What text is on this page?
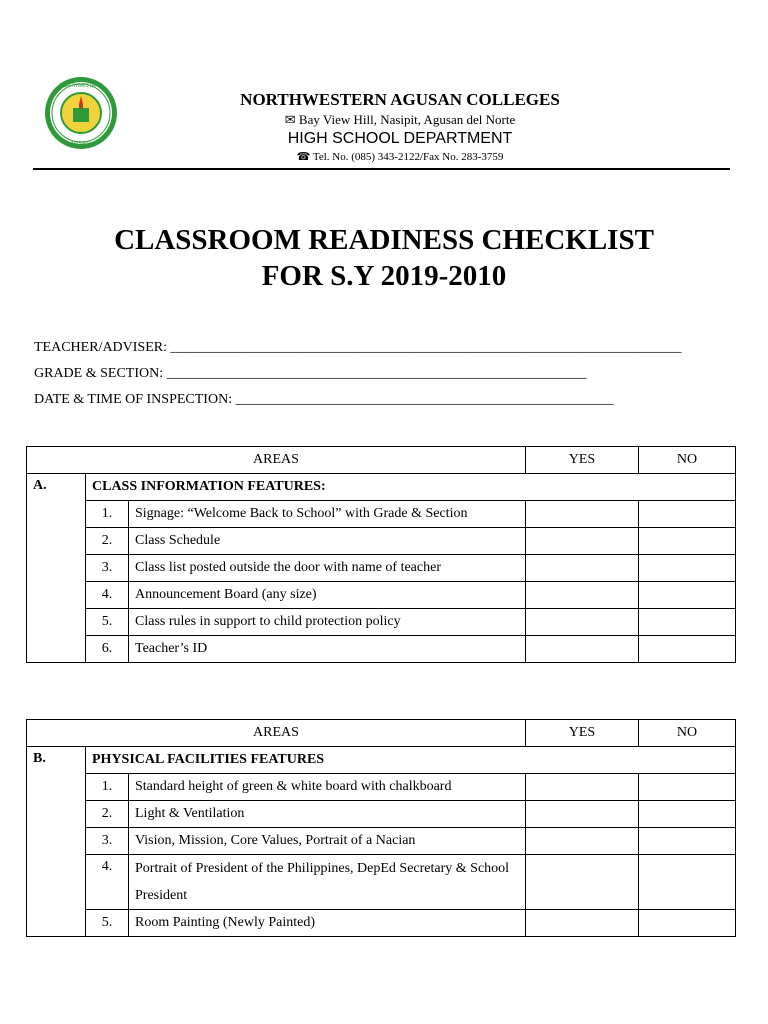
NORTHWESTERN
NASIPIT
NORTHWESTERN AGUSAN COLLEGES
✉ Bay View Hill, Nasipit, Agusan del Norte
HIGH SCHOOL DEPARTMENT
☎ Tel. No. (085) 343-2122/Fax No. 283-3759
CLASSROOM READINESS CHECKLIST
FOR S.Y 2019-2010
TEACHER/ADVISER: _________________________________________________________________________
GRADE & SECTION: ____________________________________________________________
DATE & TIME OF INSPECTION: ______________________________________________________
AREAS			YES	NO
A.	CLASS INFORMATION FEATURES:			
	1.	Signage: “Welcome Back to School” with Grade & Section		
	2.	Class Schedule		
	3.	Class list posted outside the door with name of teacher		
	4.	Announcement Board (any size)		
	5.	Class rules in support to child protection policy		
	6.	Teacher’s ID		
AREAS			YES	NO
B.	PHYSICAL FACILITIES FEATURES			
	1.	Standard height of green & white board with chalkboard		
	2.	Light & Ventilation		
	3.	Vision, Mission, Core Values, Portrait of a Nacian		
	4.	Portrait of President of the Philippines, DepEd Secretary & School President		
	5.	Room Painting (Newly Painted)		
